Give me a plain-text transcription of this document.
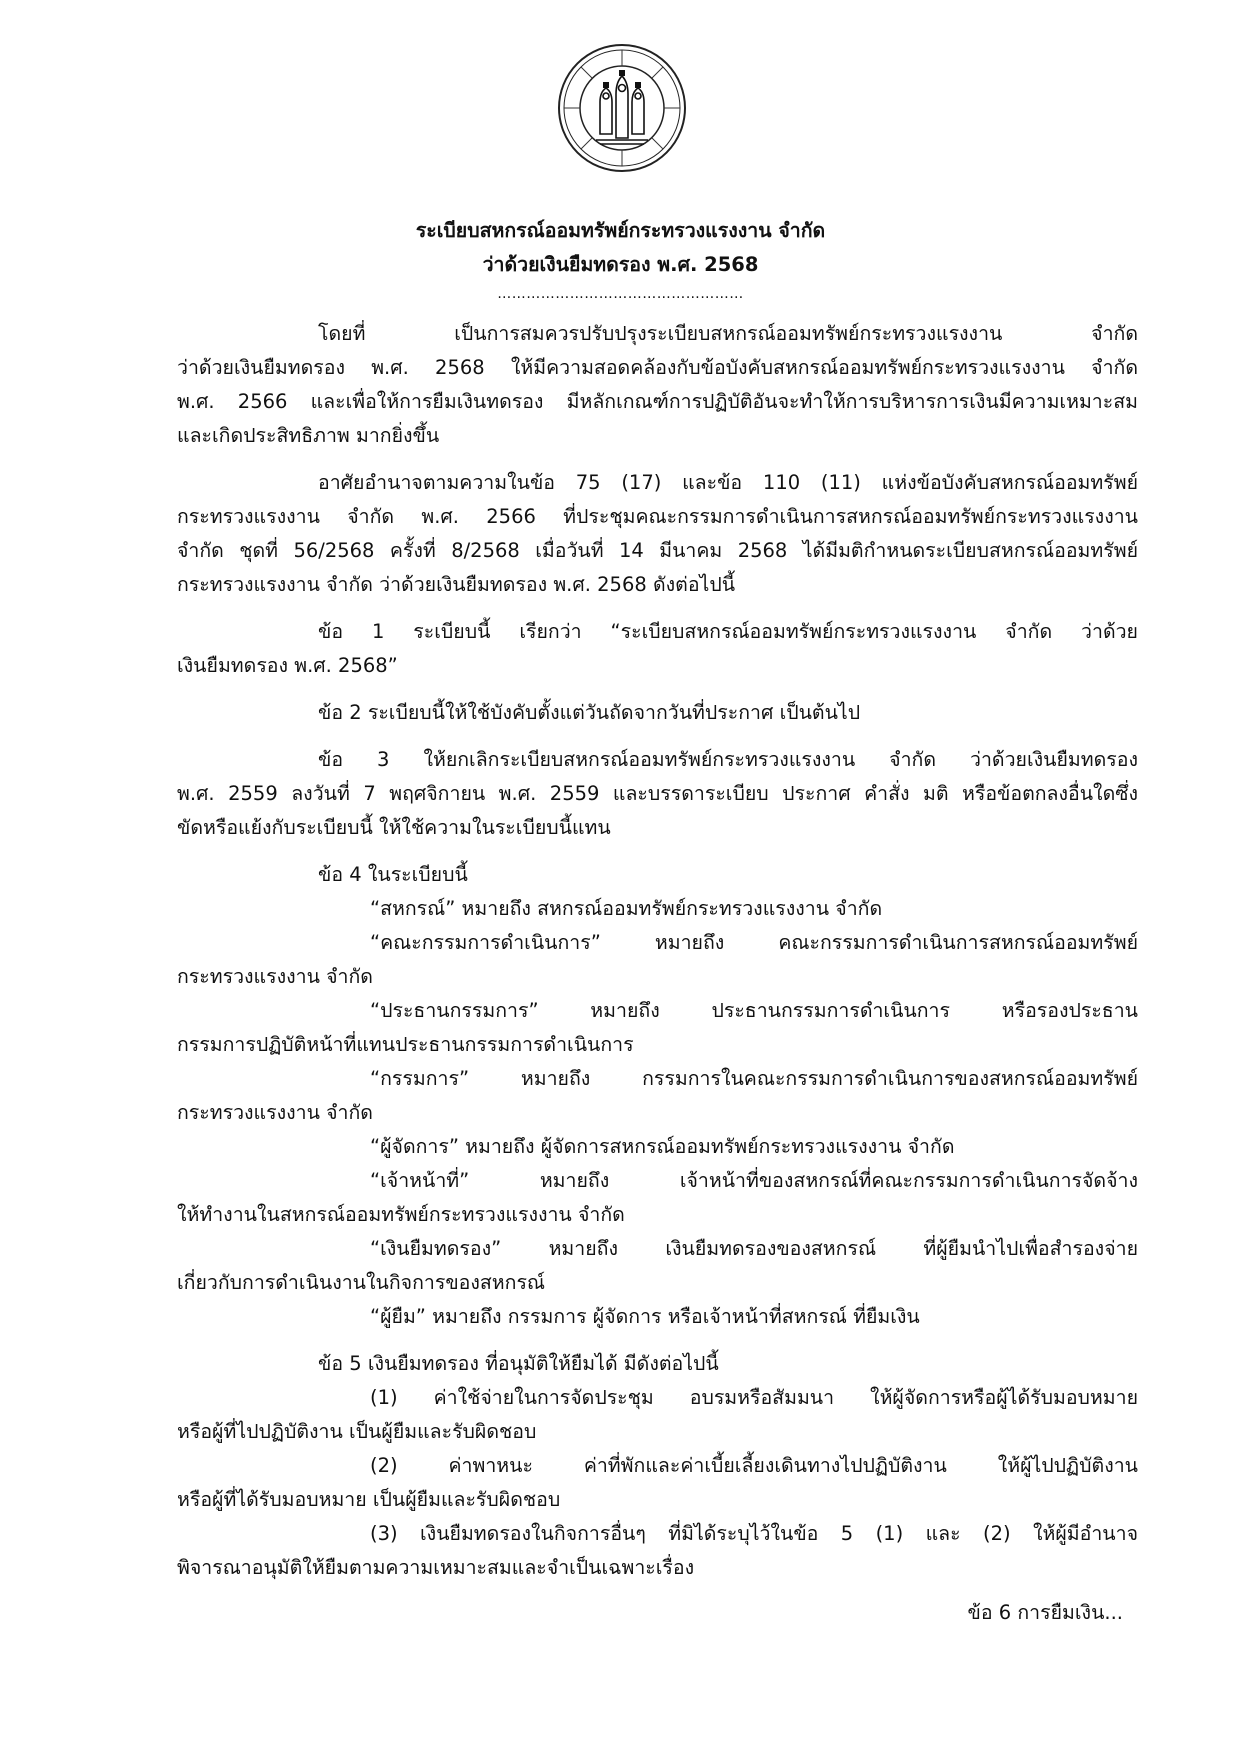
ระเบียบสหกรณ์ออมทรัพย์กระทรวงแรงงาน จำกัด
ว่าด้วยเงินยืมทดรอง พ.ศ. 2568
……………………………………………
โดยที่ เป็นการสมควรปรับปรุงระเบียบสหกรณ์ออมทรัพย์กระทรวงแรงงาน จำกัด
ว่าด้วยเงินยืมทดรอง พ.ศ. 2568 ให้มีความสอดคล้องกับข้อบังคับสหกรณ์ออมทรัพย์กระทรวงแรงงาน จำกัด
พ.ศ. 2566 และเพื่อให้การยืมเงินทดรอง มีหลักเกณฑ์การปฏิบัติอันจะทำให้การบริหารการเงินมีความเหมาะสม
และเกิดประสิทธิภาพ มากยิ่งขึ้น
อาศัยอำนาจตามความในข้อ 75 (17) และข้อ 110 (11) แห่งข้อบังคับสหกรณ์ออมทรัพย์
กระทรวงแรงงาน จำกัด พ.ศ. 2566 ที่ประชุมคณะกรรมการดำเนินการสหกรณ์ออมทรัพย์กระทรวงแรงงาน
จำกัด ชุดที่ 56/2568 ครั้งที่ 8/2568 เมื่อวันที่ 14 มีนาคม 2568 ได้มีมติกำหนดระเบียบสหกรณ์ออมทรัพย์
กระทรวงแรงงาน จำกัด ว่าด้วยเงินยืมทดรอง พ.ศ. 2568 ดังต่อไปนี้
ข้อ 1 ระเบียบนี้ เรียกว่า “ระเบียบสหกรณ์ออมทรัพย์กระทรวงแรงงาน จำกัด ว่าด้วย
เงินยืมทดรอง พ.ศ. 2568”
ข้อ 2 ระเบียบนี้ให้ใช้บังคับตั้งแต่วันถัดจากวันที่ประกาศ เป็นต้นไป
ข้อ 3 ให้ยกเลิกระเบียบสหกรณ์ออมทรัพย์กระทรวงแรงงาน จำกัด ว่าด้วยเงินยืมทดรอง
พ.ศ. 2559 ลงวันที่ 7 พฤศจิกายน พ.ศ. 2559 และบรรดาระเบียบ ประกาศ คำสั่ง มติ หรือข้อตกลงอื่นใดซึ่ง
ขัดหรือแย้งกับระเบียบนี้ ให้ใช้ความในระเบียบนี้แทน
ข้อ 4 ในระเบียบนี้
“สหกรณ์” หมายถึง สหกรณ์ออมทรัพย์กระทรวงแรงงาน จำกัด
“คณะกรรมการดำเนินการ” หมายถึง คณะกรรมการดำเนินการสหกรณ์ออมทรัพย์
กระทรวงแรงงาน จำกัด
“ประธานกรรมการ” หมายถึง ประธานกรรมการดำเนินการ หรือรองประธาน
กรรมการปฏิบัติหน้าที่แทนประธานกรรมการดำเนินการ
“กรรมการ” หมายถึง กรรมการในคณะกรรมการดำเนินการของสหกรณ์ออมทรัพย์
กระทรวงแรงงาน จำกัด
“ผู้จัดการ” หมายถึง ผู้จัดการสหกรณ์ออมทรัพย์กระทรวงแรงงาน จำกัด
“เจ้าหน้าที่” หมายถึง เจ้าหน้าที่ของสหกรณ์ที่คณะกรรมการดำเนินการจัดจ้าง
ให้ทำงานในสหกรณ์ออมทรัพย์กระทรวงแรงงาน จำกัด
“เงินยืมทดรอง” หมายถึง เงินยืมทดรองของสหกรณ์ ที่ผู้ยืมนำไปเพื่อสำรองจ่าย
เกี่ยวกับการดำเนินงานในกิจการของสหกรณ์
“ผู้ยืม” หมายถึง กรรมการ ผู้จัดการ หรือเจ้าหน้าที่สหกรณ์ ที่ยืมเงิน
ข้อ 5 เงินยืมทดรอง ที่อนุมัติให้ยืมได้ มีดังต่อไปนี้
(1) ค่าใช้จ่ายในการจัดประชุม อบรมหรือสัมมนา ให้ผู้จัดการหรือผู้ได้รับมอบหมาย
หรือผู้ที่ไปปฏิบัติงาน เป็นผู้ยืมและรับผิดชอบ
(2) ค่าพาหนะ ค่าที่พักและค่าเบี้ยเลี้ยงเดินทางไปปฏิบัติงาน ให้ผู้ไปปฏิบัติงาน
หรือผู้ที่ได้รับมอบหมาย เป็นผู้ยืมและรับผิดชอบ
(3) เงินยืมทดรองในกิจการอื่นๆ ที่มิได้ระบุไว้ในข้อ 5 (1) และ (2) ให้ผู้มีอำนาจ
พิจารณาอนุมัติให้ยืมตามความเหมาะสมและจำเป็นเฉพาะเรื่อง
ข้อ 6 การยืมเงิน...
